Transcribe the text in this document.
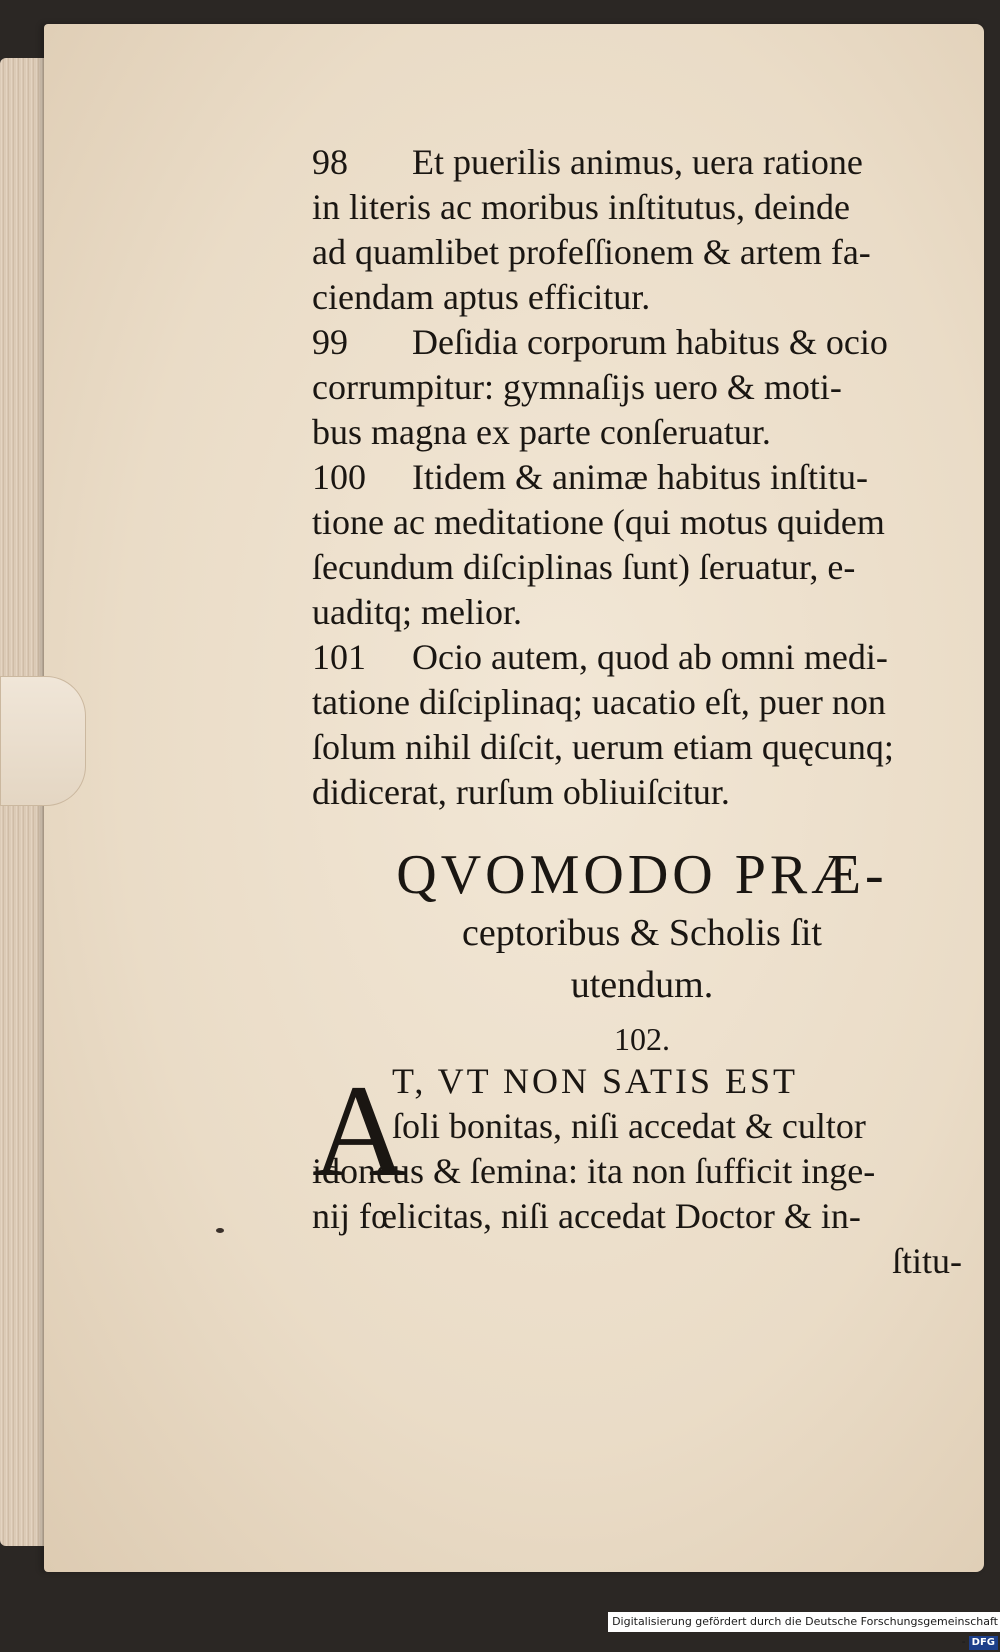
98 Et puerilis animus, uera ratione
in literis ac moribus inſtitutus, deinde
ad quamlibet profeſſionem & artem fa-
ciendam aptus efficitur.
99 Deſidia corporum habitus & ocio
corrumpitur: gymnaſijs uero & moti-
bus magna ex parte conſeruatur.
100 Itidem & animæ habitus inſtitu-
tione ac meditatione (qui motus quidem
ſecundum diſciplinas ſunt) ſeruatur, e-
uaditq; melior.
101 Ocio autem, quod ab omni medi-
tatione diſciplinaq; uacatio eſt, puer non
ſolum nihil diſcit, uerum etiam quęcunq;
didicerat, rurſum obliuiſcitur.
QVOMODO PRÆ-
ceptoribus & Scholis ſit
utendum.
102.
T, VT NON SATIS EST
ſoli bonitas, niſi accedat & cultor
idoneus & ſemina: ita non ſufficit inge-
nij fœlicitas, niſi accedat Doctor & in-
ſtitu-
A
Digitalisierung gefördert durch die Deutsche Forschungsgemeinschaft - DFG
